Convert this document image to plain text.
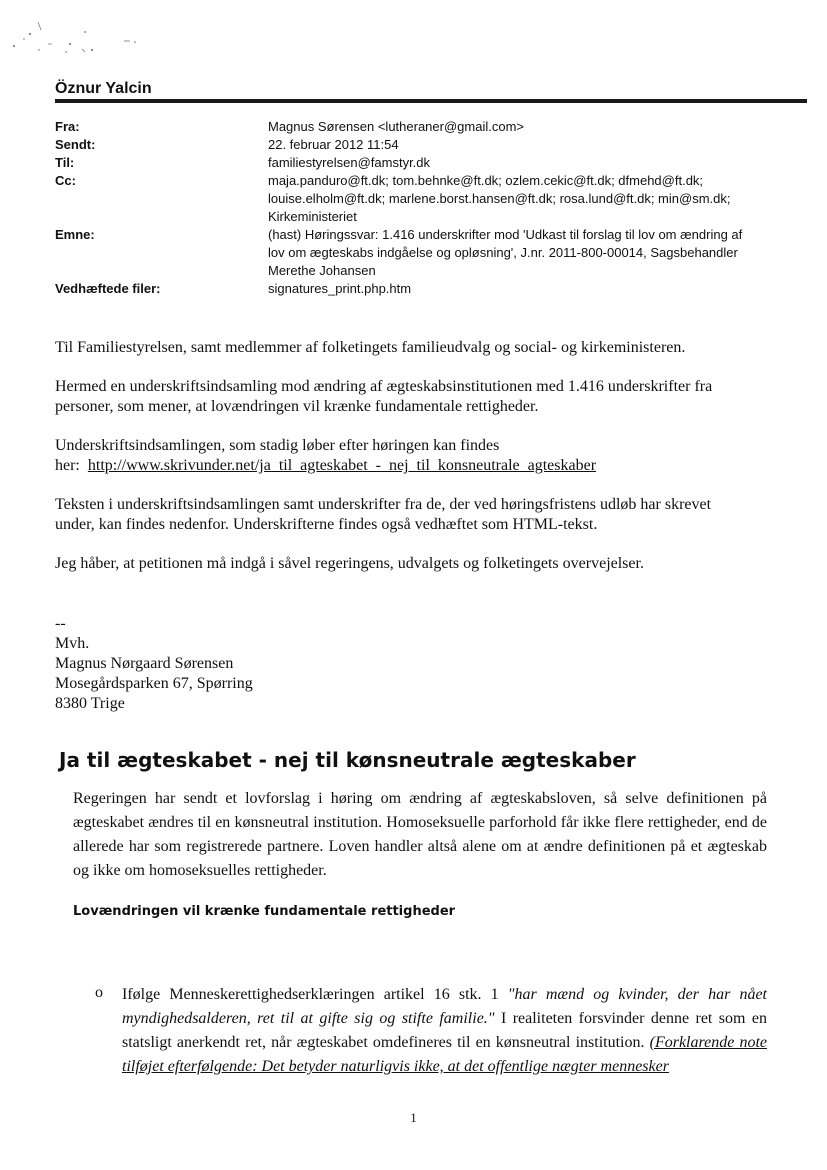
Öznur Yalcin
Fra:	Magnus Sørensen <lutheraner@gmail.com>
Sendt:	22. februar 2012 11:54
Til:	familiestyrelsen@famstyr.dk
Cc:	maja.panduro@ft.dk; tom.behnke@ft.dk; ozlem.cekic@ft.dk; dfmehd@ft.dk;
louise.elholm@ft.dk; marlene.borst.hansen@ft.dk; rosa.lund@ft.dk; min@sm.dk;
Kirkeministeriet
Emne:	(hast) Høringssvar: 1.416 underskrifter mod 'Udkast til forslag til lov om ændring af
lov om ægteskabs indgåelse og opløsning', J.nr. 2011-800-00014, Sagsbehandler
Merethe Johansen
Vedhæftede filer:	signatures_print.php.htm

Til Familiestyrelsen, samt medlemmer af folketingets familieudvalg og social- og kirkeministeren.

Hermed en underskriftsindsamling mod ændring af ægteskabsinstitutionen med 1.416 underskrifter fra
personer, som mener, at lovændringen vil krænke fundamentale rettigheder.

Underskriftsindsamlingen, som stadig løber efter høringen kan findes
her: http://www.skrivunder.net/ja_til_agteskabet_-_nej_til_konsneutrale_agteskaber

Teksten i underskriftsindsamlingen samt underskrifter fra de, der ved høringsfristens udløb har skrevet
under, kan findes nedenfor. Underskrifterne findes også vedhæftet som HTML-tekst.

Jeg håber, at petitionen må indgå i såvel regeringens, udvalgets og folketingets overvejelser.

--
Mvh.
Magnus Nørgaard Sørensen
Mosegårdsparken 67, Spørring
8380 Trige
Ja til ægteskabet - nej til kønsneutrale ægteskaber
Regeringen har sendt et lovforslag i høring om ændring af ægteskabsloven, så selve definitionen på ægteskabet ændres til en kønsneutral institution. Homoseksuelle parforhold får ikke flere rettigheder, end de allerede har som registrerede partnere. Loven handler altså alene om at ændre definitionen på et ægteskab og ikke om homoseksuelles rettigheder.
Lovændringen vil krænke fundamentale rettigheder
o Ifølge Menneskerettighedserklæringen artikel 16 stk. 1 "har mænd og kvinder, der har nået myndighedsalderen, ret til at gifte sig og stifte familie." I realiteten forsvinder denne ret som en statsligt anerkendt ret, når ægteskabet omdefineres til en kønsneutral institution. (Forklarende note tilføjet efterfølgende: Det betyder naturligvis ikke, at det offentlige nægter mennesker
1
